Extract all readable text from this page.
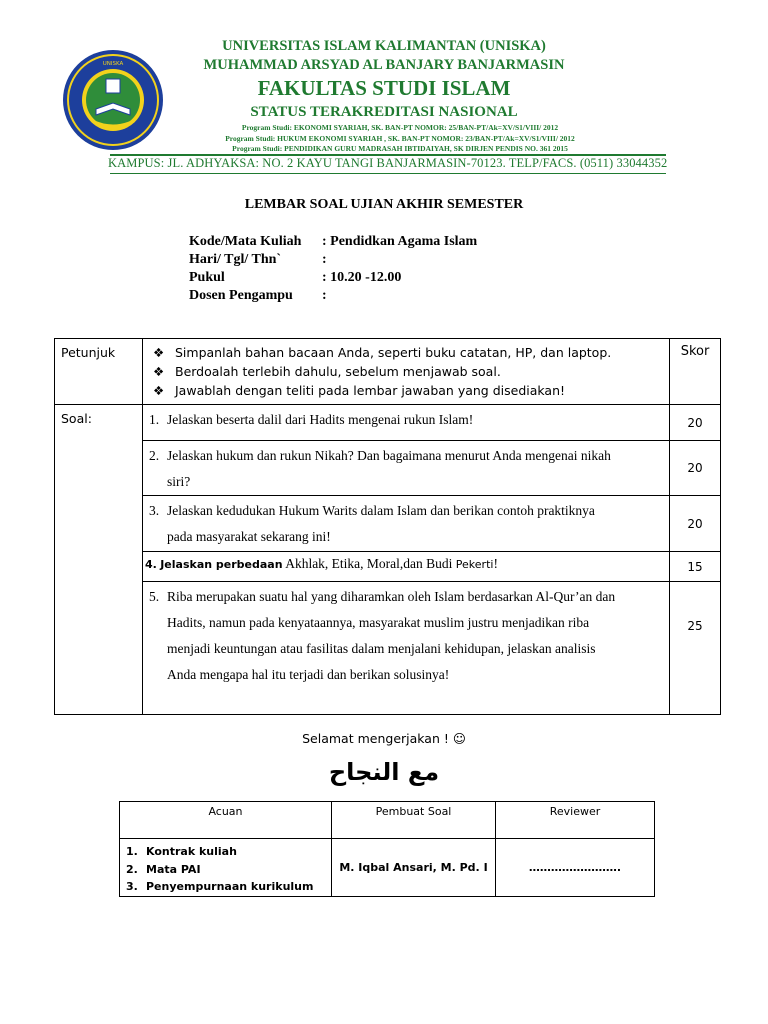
UNISKA
UNIVERSITAS ISLAM KALIMANTAN (UNISKA)
MUHAMMAD ARSYAD AL BANJARY BANJARMASIN
FAKULTAS STUDI ISLAM
STATUS TERAKREDITASI NASIONAL
Program Studi: EKONOMI SYARIAH, SK. BAN-PT NOMOR: 25/BAN-PT/Ak=XV/S1/VIII/ 2012
Program Studi: HUKUM EKONOMI SYARIAH , SK. BAN-PT NOMOR: 23/BAN-PT/Ak=XV/S1/VIII/ 2012
Program Studi: PENDIDIKAN GURU MADRASAH IBTIDAIYAH, SK DIRJEN PENDIS NO. 361 2015
KAMPUS: JL. ADHYAKSA: NO. 2 KAYU TANGI BANJARMASIN-70123. TELP/FACS. (0511) 33044352
LEMBAR SOAL UJIAN AKHIR SEMESTER
Kode/Mata Kuliah	: Pendidkan Agama Islam
Hari/ Tgl/ Thn`	:
Pukul	: 10.20 -12.00
Dosen Pengampu	:
Petunjuk	❖ Simpanlah bahan bacaan Anda, seperti buku catatan, HP, dan laptop.
❖ Berdoalah terlebih dahulu, sebelum menjawab soal.
❖ Jawablah dengan teliti pada lembar jawaban yang disediakan!	Skor
Soal:	1. Jelaskan beserta dalil dari Hadits mengenai rukun Islam!	20

	2. Jelaskan hukum dan rukun Nikah? Dan bagaimana menurut Anda mengenai nikah
siri?	20

	3. Jelaskan kedudukan Hukum Warits dalam Islam dan berikan contoh praktiknya
pada masyarakat sekarang ini!	20
	4. Jelaskan perbedaan Akhlak, Etika, Moral,dan Budi Pekerti!	15

	5. Riba merupakan suatu hal yang diharamkan oleh Islam berdasarkan Al-Qur’an dan
Hadits, namun pada kenyataannya, masyarakat muslim justru menjadikan riba
menjadi keuntungan atau fasilitas dalam menjalani kehidupan, jelaskan analisis
Anda mengapa hal itu terjadi dan berikan solusinya!	25
Selamat mengerjakan ! ☺
مع النجاح
Acuan	Pembuat Soal	Reviewer

1. Kontrak kuliah
2. Mata PAI
3. Penyempurnaan kurikulum	M. Iqbal Ansari, M. Pd. I	…………………….
